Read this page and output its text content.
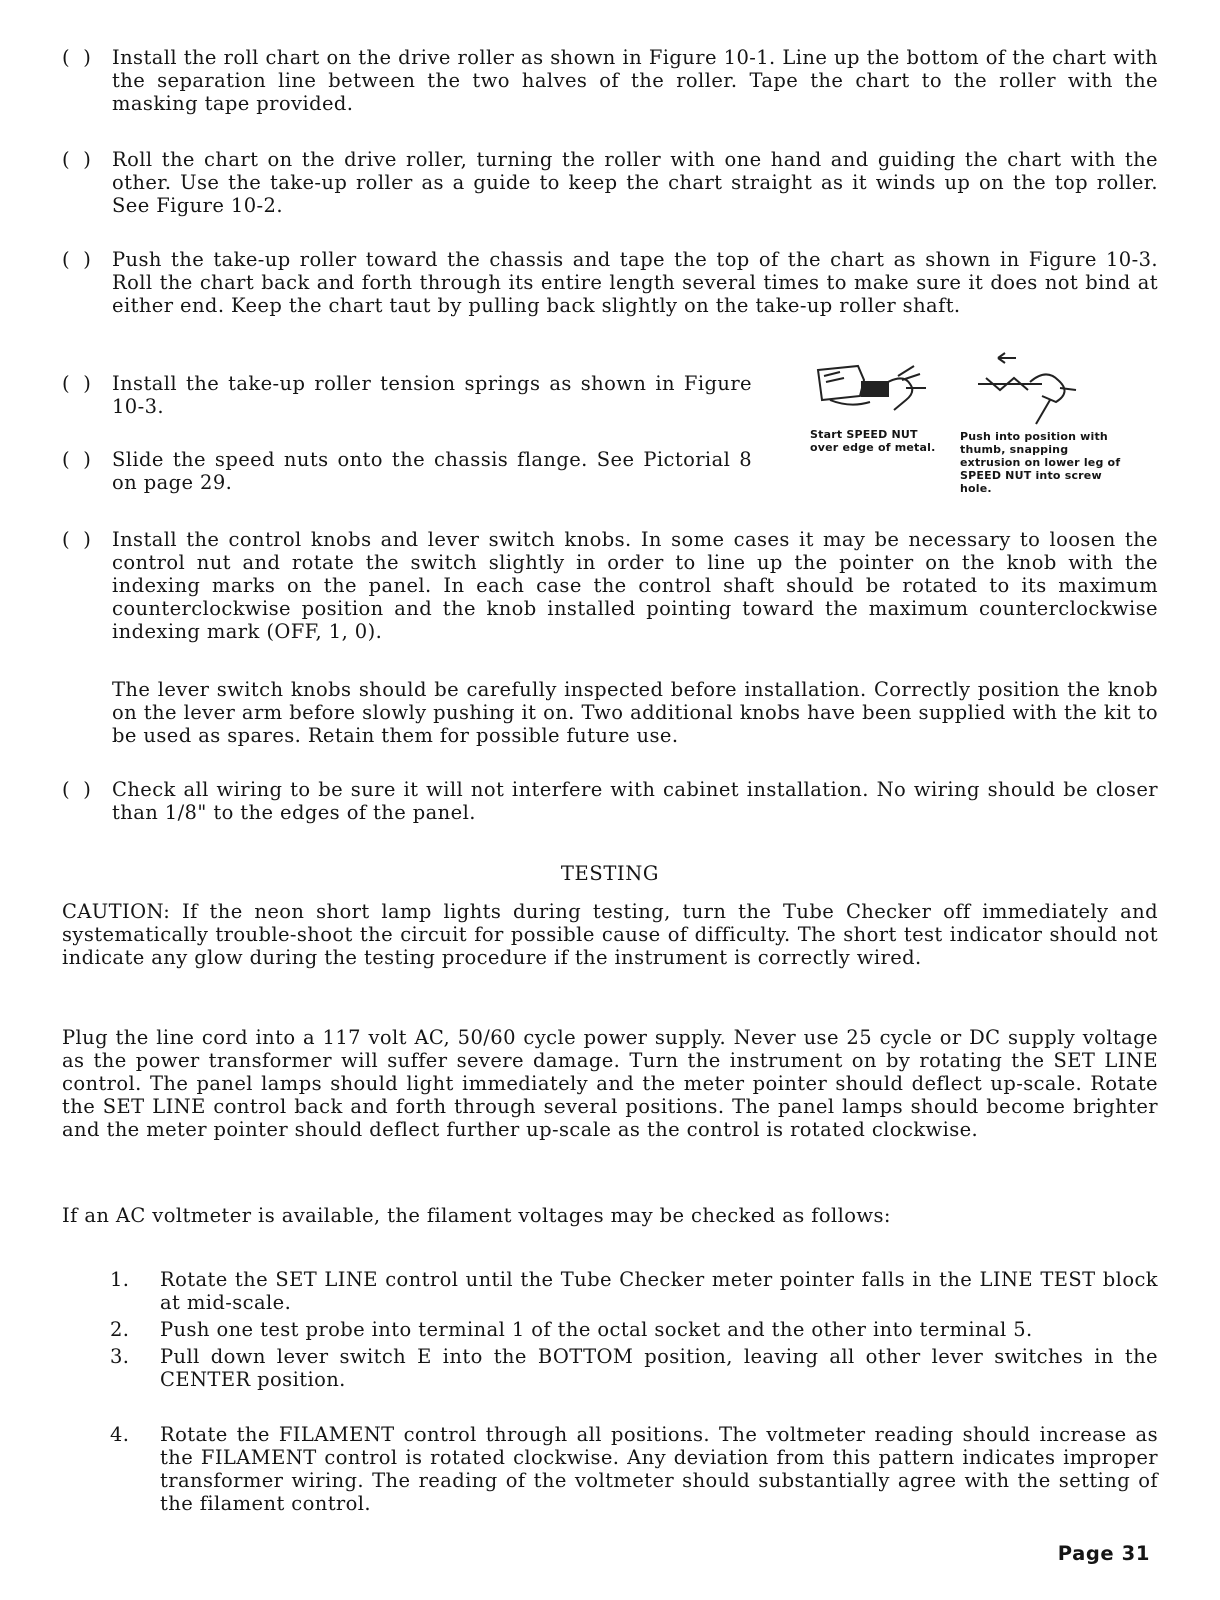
(  )	Install the roll chart on the drive roller as shown in Figure 10-1. Line up the bottom of the chart with the separation line between the two halves of the roller. Tape the chart to the roller with the masking tape provided.
(  )	Roll the chart on the drive roller, turning the roller with one hand and guiding the chart with the other. Use the take-up roller as a guide to keep the chart straight as it winds up on the top roller. See Figure 10-2.
(  )	Push the take-up roller toward the chassis and tape the top of the chart as shown in Figure 10-3. Roll the chart back and forth through its entire length several times to make sure it does not bind at either end. Keep the chart taut by pulling back slightly on the take-up roller shaft.
(  )	Install the take-up roller tension springs as shown in Figure 10-3.
(  )	Slide the speed nuts onto the chassis flange. See Pictorial 8 on page 29.
Start SPEED NUT over edge of metal.
Push into position with thumb, snapping extrusion on lower leg of SPEED NUT into screw hole.
(  )	Install the control knobs and lever switch knobs. In some cases it may be necessary to loosen the control nut and rotate the switch slightly in order to line up the pointer on the knob with the indexing marks on the panel. In each case the control shaft should be rotated to its maximum counterclockwise position and the knob installed pointing toward the maximum counterclockwise indexing mark (OFF, 1, 0).

The lever switch knobs should be carefully inspected before installation. Correctly position the knob on the lever arm before slowly pushing it on. Two additional knobs have been supplied with the kit to be used as spares. Retain them for possible future use.

(  )	Check all wiring to be sure it will not interfere with cabinet installation. No wiring should be closer than 1/8" to the edges of the panel.
TESTING

CAUTION: If the neon short lamp lights during testing, turn the Tube Checker off immediately and systematically trouble-shoot the circuit for possible cause of difficulty. The short test indicator should not indicate any glow during the testing procedure if the instrument is correctly wired.

Plug the line cord into a 117 volt AC, 50/60 cycle power supply. Never use 25 cycle or DC supply voltage as the power transformer will suffer severe damage. Turn the instrument on by rotating the SET LINE control. The panel lamps should light immediately and the meter pointer should deflect up-scale. Rotate the SET LINE control back and forth through several positions. The panel lamps should become brighter and the meter pointer should deflect further up-scale as the control is rotated clockwise.

If an AC voltmeter is available, the filament voltages may be checked as follows:

1. Rotate the SET LINE control until the Tube Checker meter pointer falls in the LINE TEST block at mid-scale.
2. Push one test probe into terminal 1 of the octal socket and the other into terminal 5.
3. Pull down lever switch E into the BOTTOM position, leaving all other lever switches in the CENTER position.
4. Rotate the FILAMENT control through all positions. The voltmeter reading should increase as the FILAMENT control is rotated clockwise. Any deviation from this pattern indicates improper transformer wiring. The reading of the voltmeter should substantially agree with the setting of the filament control.
Page 31
